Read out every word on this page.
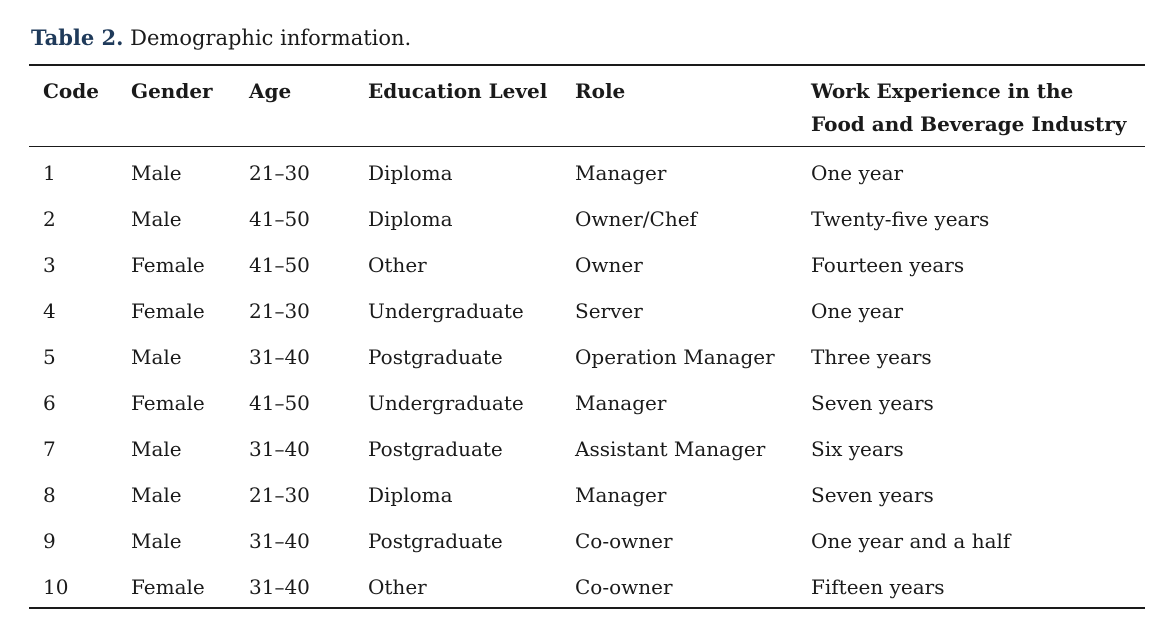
Table 2. Demographic information.
Code	Gender	Age	Education Level	Role	Work Experience in the
Food and Beverage Industry
1	Male	21–30	Diploma	Manager	One year
2	Male	41–50	Diploma	Owner/Chef	Twenty-five years
3	Female	41–50	Other	Owner	Fourteen years
4	Female	21–30	Undergraduate	Server	One year
5	Male	31–40	Postgraduate	Operation Manager	Three years
6	Female	41–50	Undergraduate	Manager	Seven years
7	Male	31–40	Postgraduate	Assistant Manager	Six years
8	Male	21–30	Diploma	Manager	Seven years
9	Male	31–40	Postgraduate	Co-owner	One year and a half
10	Female	31–40	Other	Co-owner	Fifteen years
